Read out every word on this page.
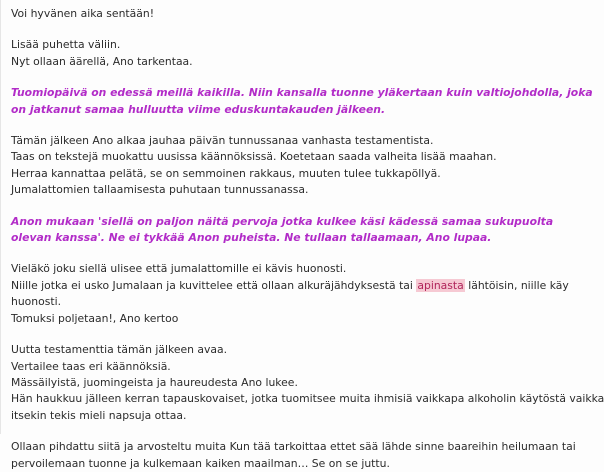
Voi hyvänen aika sentään!
Lisää puhetta väliin.
Nyt ollaan äärellä, Ano tarkentaa.
Tuomiopäivä on edessä meillä kaikilla. Niin kansalla tuonne yläkertaan kuin valtiojohdolla, joka
on jatkanut samaa hulluutta viime eduskuntakauden jälkeen.
Tämän jälkeen Ano alkaa jauhaa päivän tunnussanaa vanhasta testamentista.
Taas on tekstejä muokattu uusissa käännöksissä. Koetetaan saada valheita lisää maahan.
Herraa kannattaa pelätä, se on semmoinen rakkaus, muuten tulee tukkapöllyä.
Jumalattomien tallaamisesta puhutaan tunnussanassa.
Anon mukaan 'siellä on paljon näitä pervoja jotka kulkee käsi kädessä samaa sukupuolta
olevan kanssa'. Ne ei tykkää Anon puheista. Ne tullaan tallaamaan, Ano lupaa.
Vieläkö joku siellä ulisee että jumalattomille ei kävis huonosti.
Niille jotka ei usko Jumalaan ja kuvittelee että ollaan alkuräjähdyksestä tai apinasta lähtöisin, niille käy
huonosti.
Tomuksi poljetaan!, Ano kertoo
Uutta testamenttia tämän jälkeen avaa.
Vertailee taas eri käännöksiä.
Mässäilyistä, juomingeista ja haureudesta Ano lukee.
Hän haukkuu jälleen kerran tapauskovaiset, jotka tuomitsee muita ihmisiä vaikkapa alkoholin käytöstä vaikka
itsekin tekis mieli napsuja ottaa.
Ollaan pihdattu siitä ja arvosteltu muita Kun tää tarkoittaa ettet sää lähde sinne baareihin heilumaan tai
pervoilemaan tuonne ja kulkemaan kaiken maailman… Se on se juttu.
